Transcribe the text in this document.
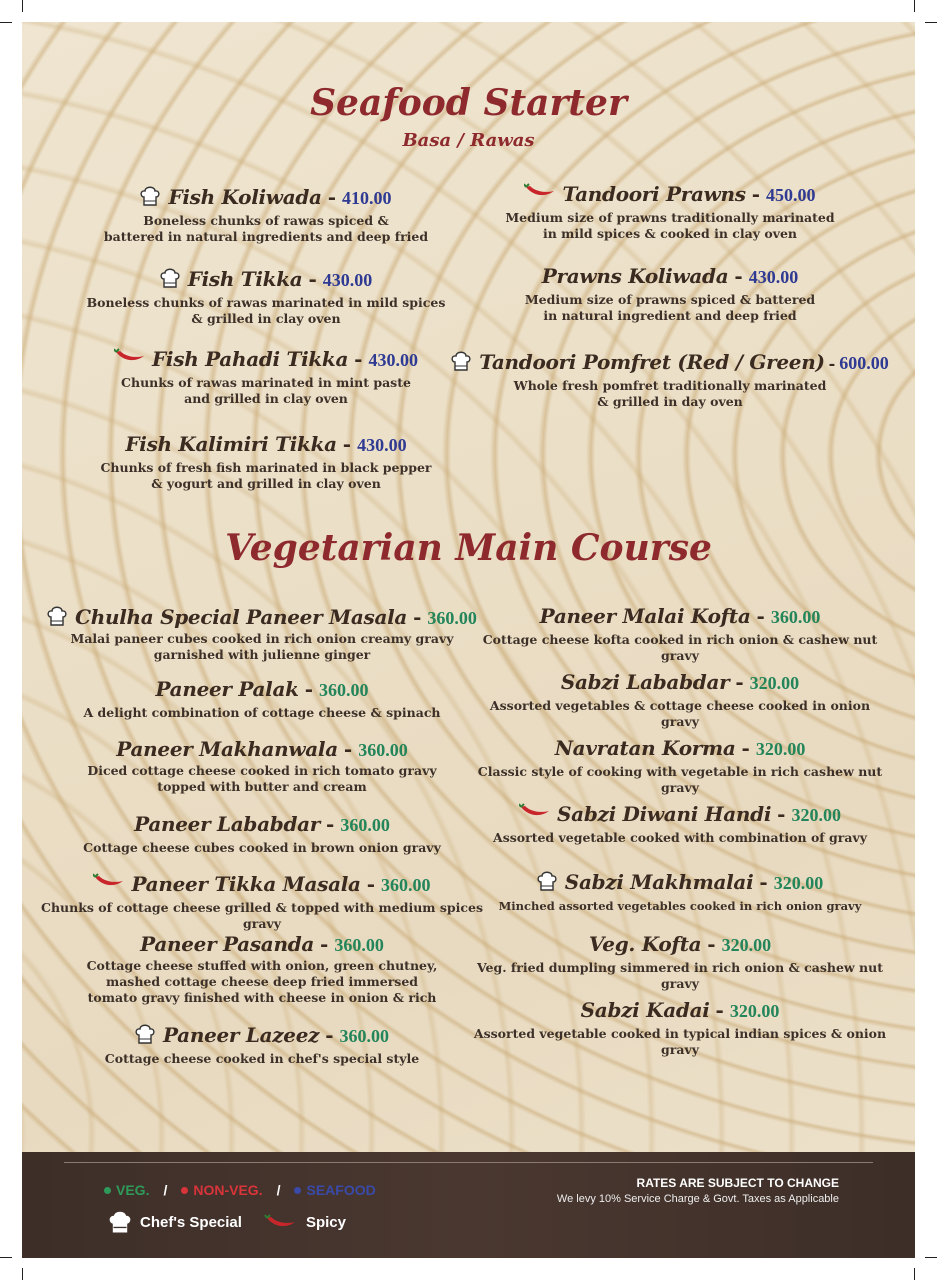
Seafood Starter
Basa / Rawas
Fish Koliwada - 410.00
Boneless chunks of rawas spiced &
battered in natural ingredients and deep fried
Fish Tikka - 430.00
Boneless chunks of rawas marinated in mild spices
& grilled in clay oven
Fish Pahadi Tikka - 430.00
Chunks of rawas marinated in mint paste
and grilled in clay oven
Fish Kalimiri Tikka - 430.00
Chunks of fresh fish marinated in black pepper
& yogurt and grilled in clay oven
Tandoori Prawns - 450.00
Medium size of prawns traditionally marinated
in mild spices & cooked in clay oven
Prawns Koliwada - 430.00
Medium size of prawns spiced & battered
in natural ingredient and deep fried
Tandoori Pomfret (Red / Green) - 600.00
Whole fresh pomfret traditionally marinated
& grilled in day oven
Vegetarian Main Course
Chulha Special Paneer Masala - 360.00
Malai paneer cubes cooked in rich onion creamy gravy
garnished with julienne ginger
Paneer Palak - 360.00
A delight combination of cottage cheese & spinach
Paneer Makhanwala - 360.00
Diced cottage cheese cooked in rich tomato gravy
topped with butter and cream
Paneer Lababdar - 360.00
Cottage cheese cubes cooked in brown onion gravy
Paneer Tikka Masala - 360.00
Chunks of cottage cheese grilled & topped with medium spices gravy
Paneer Pasanda - 360.00
Cottage cheese stuffed with onion, green chutney,
mashed cottage cheese deep fried immersed
tomato gravy finished with cheese in onion & rich
Paneer Lazeez - 360.00
Cottage cheese cooked in chef's special style
Paneer Malai Kofta - 360.00
Cottage cheese kofta cooked in rich onion & cashew nut gravy
Sabzi Lababdar - 320.00
Assorted vegetables & cottage cheese cooked in onion gravy
Navratan Korma - 320.00
Classic style of cooking with vegetable in rich cashew nut gravy
Sabzi Diwani Handi - 320.00
Assorted vegetable cooked with combination of gravy
Sabzi Makhmalai - 320.00
Minched assorted vegetables cooked in rich onion gravy
Veg. Kofta - 320.00
Veg. fried dumpling simmered in rich onion & cashew nut gravy
Sabzi Kadai - 320.00
Assorted vegetable cooked in typical indian spices & onion gravy
VEG. / NON-VEG. / SEAFOOD
Chef's Special	Spicy
RATES ARE SUBJECT TO CHANGE
We levy 10% Service Charge & Govt. Taxes as Applicable
